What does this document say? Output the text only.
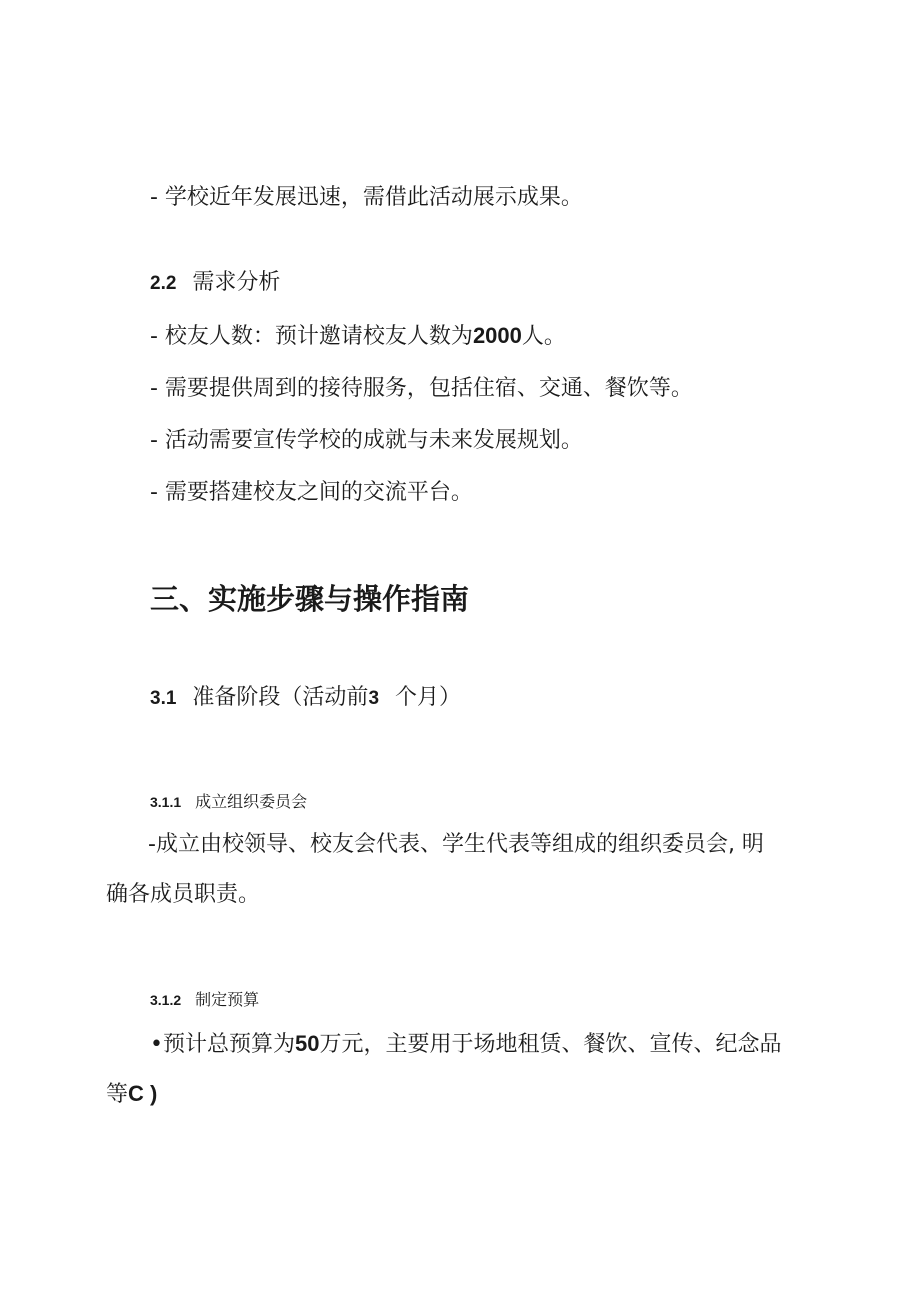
- 学校近年发展迅速，需借此活动展示成果。
2.2 需求分析
- 校友人数：预计邀请校友人数为2000人。
- 需要提供周到的接待服务，包括住宿、交通、餐饮等。
- 活动需要宣传学校的成就与未来发展规划。
- 需要搭建校友之间的交流平台。
三、实施步骤与操作指南
3.1 准备阶段（活动前3 个月）
3.1.1 成立组织委员会
-成立由校领导、校友会代表、学生代表等组成的组织委员会, 明
确各成员职责。
3.1.2 制定预算
•预计总预算为50万元，主要用于场地租赁、餐饮、宣传、纪念品
等C )
